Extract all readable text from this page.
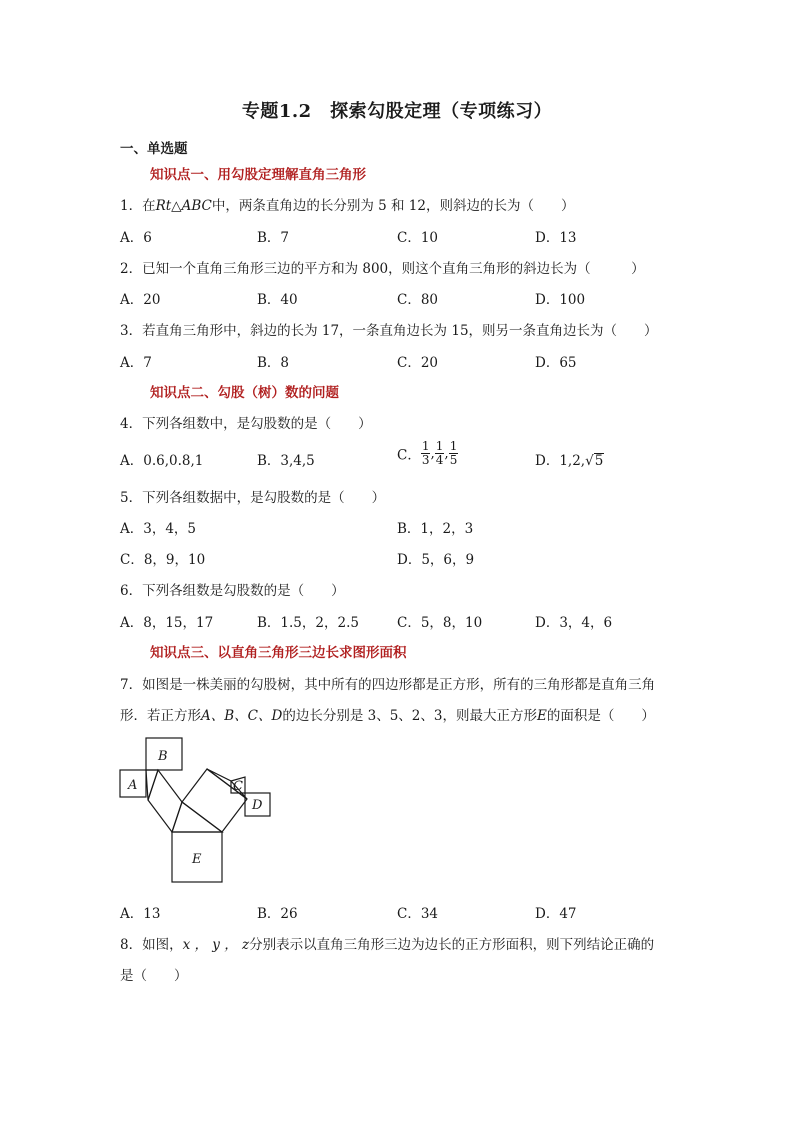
专题1.2　探索勾股定理（专项练习）
一、单选题
知识点一、用勾股定理解直角三角形
1．在Rt△ABC中，两条直角边的长分别为 5 和 12，则斜边的长为（　　）
A．6	B．7	C．10	D．13
2．已知一个直角三角形三边的平方和为 800，则这个直角三角形的斜边长为（　　　）
A．20	B．40	C．80	D．100
3．若直角三角形中，斜边的长为 17，一条直角边长为 15，则另一条直角边长为（　　）
A．7	B．8	C．20	D．65
知识点二、勾股（树）数的问题
4．下列各组数中，是勾股数的是（　　）
A．0.6,0.8,1	B．3,4,5	C． $\frac{1}{3}$ , $\frac{1}{4}$ , $\frac{1}{5}$	D．1,2,√5
5．下列各组数据中，是勾股数的是（　　）
A．3，4，5	B．1，2，3
C．8，9，10	D．5，6，9
6．下列各组数是勾股数的是（　　）
A．8，15，17	B．1.5，2，2.5	C．5，8，10	D．3，4，6
知识点三、以直角三角形三边长求图形面积
7．如图是一株美丽的勾股树，其中所有的四边形都是正方形，所有的三角形都是直角三角
形．若正方形A、B、C、D的边长分别是 3、5、2、3，则最大正方形E的面积是（　　）
A
B
C
D
E
A．13	B．26	C．34	D．47
8．如图，x ， y ， z分别表示以直角三角形三边为边长的正方形面积，则下列结论正确的
是（　　）
